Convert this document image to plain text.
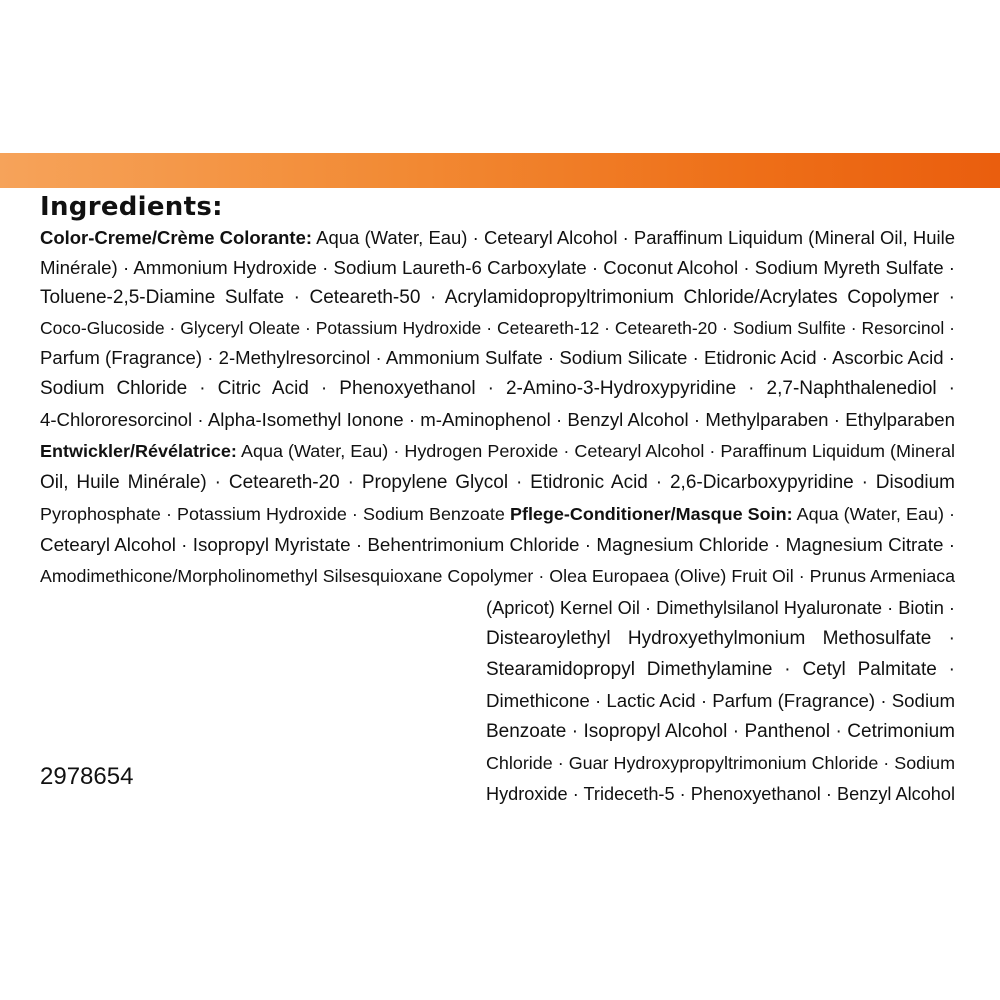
Ingredients:
Color-Creme/Crème Colorante: Aqua (Water, Eau) · Cetearyl Alcohol · Paraffinum Liquidum (Mineral Oil, Huile
Minérale) · Ammonium Hydroxide · Sodium Laureth-6 Carboxylate · Coconut Alcohol · Sodium Myreth Sulfate ·
Toluene-2,5-Diamine Sulfate · Ceteareth-50 · Acrylamidopropyltrimonium Chloride/Acrylates Copolymer ·
Coco-Glucoside · Glyceryl Oleate · Potassium Hydroxide · Ceteareth-12 · Ceteareth-20 · Sodium Sulfite · Resorcinol ·
Parfum (Fragrance) · 2-Methylresorcinol · Ammonium Sulfate · Sodium Silicate · Etidronic Acid · Ascorbic Acid ·
Sodium Chloride · Citric Acid · Phenoxyethanol · 2-Amino-3-Hydroxypyridine · 2,7-Naphthalenediol ·
4-Chlororesorcinol · Alpha-Isomethyl Ionone · m-Aminophenol · Benzyl Alcohol · Methylparaben · Ethylparaben
Entwickler/Révélatrice: Aqua (Water, Eau) · Hydrogen Peroxide · Cetearyl Alcohol · Paraffinum Liquidum (Mineral
Oil, Huile Minérale) · Ceteareth-20 · Propylene Glycol · Etidronic Acid · 2,6-Dicarboxypyridine · Disodium
Pyrophosphate · Potassium Hydroxide · Sodium Benzoate Pflege-Conditioner/Masque Soin: Aqua (Water, Eau) ·
Cetearyl Alcohol · Isopropyl Myristate · Behentrimonium Chloride · Magnesium Chloride · Magnesium Citrate ·
Amodimethicone/Morpholinomethyl Silsesquioxane Copolymer · Olea Europaea (Olive) Fruit Oil · Prunus Armeniaca
(Apricot) Kernel Oil · Dimethylsilanol Hyaluronate · Biotin ·
Distearoylethyl Hydroxyethylmonium Methosulfate ·
Stearamidopropyl Dimethylamine · Cetyl Palmitate ·
Dimethicone · Lactic Acid · Parfum (Fragrance) · Sodium
Benzoate · Isopropyl Alcohol · Panthenol · Cetrimonium
Chloride · Guar Hydroxypropyltrimonium Chloride · Sodium
Hydroxide · Trideceth-5 · Phenoxyethanol · Benzyl Alcohol
2978654
